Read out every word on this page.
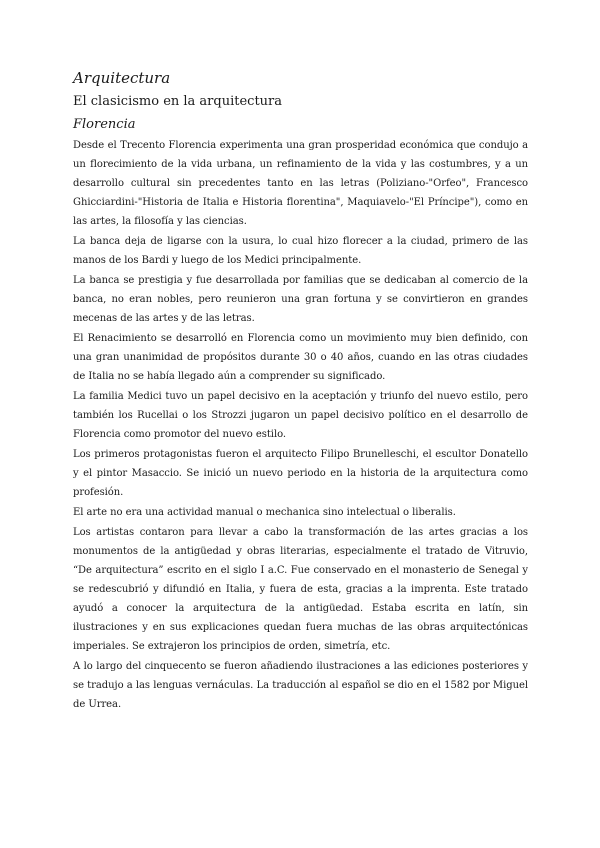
Arquitectura
El clasicismo en la arquitectura
Florencia
Desde el Trecento Florencia experimenta una gran prosperidad económica que condujo a un florecimiento de la vida urbana, un refinamiento de la vida y las costumbres, y a un desarrollo cultural sin precedentes tanto en las letras (Poliziano-"Orfeo", Francesco Ghicciardini-"Historia de Italia e Historia florentina", Maquiavelo-"El Príncipe"), como en las artes, la filosofía y las ciencias.
La banca deja de ligarse con la usura, lo cual hizo florecer a la ciudad, primero de las manos de los Bardi y luego de los Medici principalmente.
La banca se prestigia y fue desarrollada por familias que se dedicaban al comercio de la banca, no eran nobles, pero reunieron una gran fortuna y se convirtieron en grandes mecenas de las artes y de las letras.
El Renacimiento se desarrolló en Florencia como un movimiento muy bien definido, con una gran unanimidad de propósitos durante 30 o 40 años, cuando en las otras ciudades de Italia no se había llegado aún a comprender su significado.
La familia Medici tuvo un papel decisivo en la aceptación y triunfo del nuevo estilo, pero también los Rucellai o los Strozzi jugaron un papel decisivo político en el desarrollo de Florencia como promotor del nuevo estilo.
Los primeros protagonistas fueron el arquitecto Filipo Brunelleschi, el escultor Donatello y el pintor Masaccio. Se inició un nuevo periodo en la historia de la arquitectura como profesión.
El arte no era una actividad manual o mechanica sino intelectual o liberalis.
Los artistas contaron para llevar a cabo la transformación de las artes gracias a los monumentos de la antigüedad y obras literarias, especialmente el tratado de Vitruvio, “De arquitectura” escrito en el siglo I a.C. Fue conservado en el monasterio de Senegal y se redescubrió y difundió en Italia, y fuera de esta, gracias a la imprenta. Este tratado ayudó a conocer la arquitectura de la antigüedad. Estaba escrita en latín, sin ilustraciones y en sus explicaciones quedan fuera muchas de las obras arquitectónicas imperiales. Se extrajeron los principios de orden, simetría, etc.
A lo largo del cinquecento se fueron añadiendo ilustraciones a las ediciones posteriores y se tradujo a las lenguas vernáculas. La traducción al español se dio en el 1582 por Miguel de Urrea.
